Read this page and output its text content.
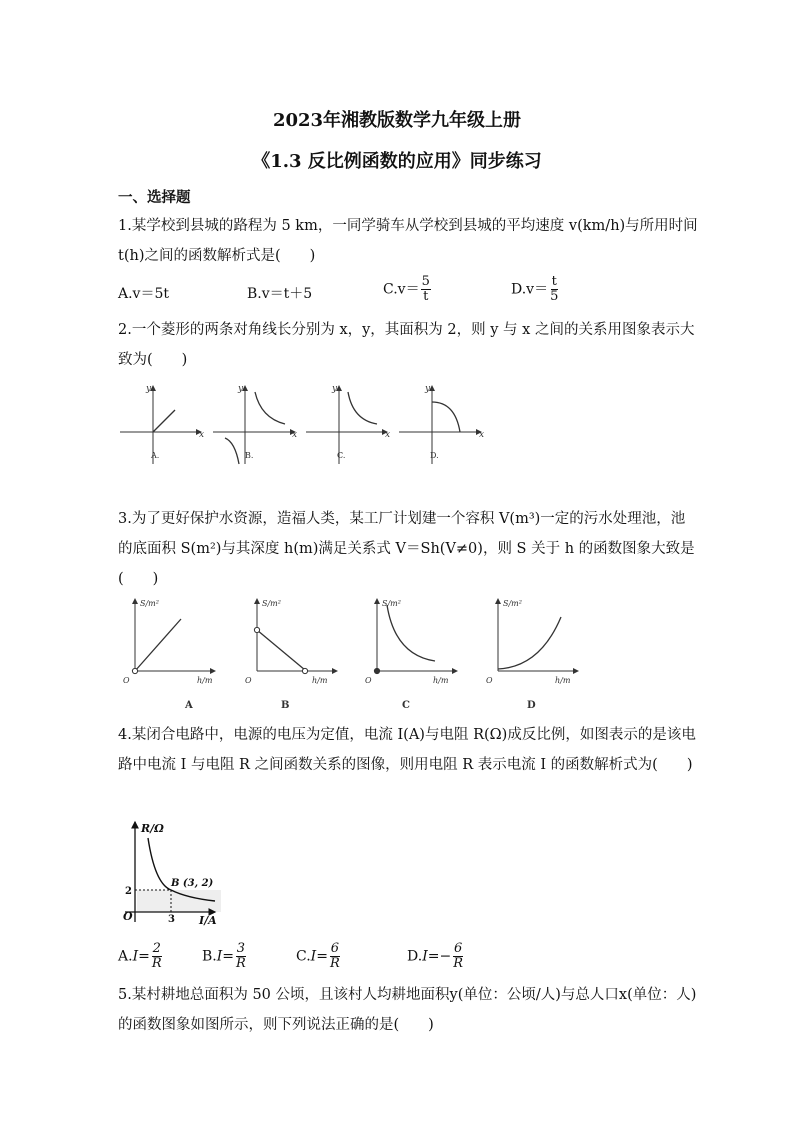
2023年湘教版数学九年级上册
《1.3 反比例函数的应用》同步练习
一、选择题
1.某学校到县城的路程为 5 km，一同学骑车从学校到县城的平均速度 v(km/h)与所用时间 t(h)之间的函数解析式是(　　)
A.v＝5t	B.v＝t＋5	$C.v= \frac{5}{t}$	$D.v= \frac{t}{5}$
2.一个菱形的两条对角线长分别为 x，y，其面积为 2，则 y 与 x 之间的关系用图象表示大致为(　　)
y
x
y
x
y
x
y
x
A.	B.	C.	D.
3.为了更好保护水资源，造福人类，某工厂计划建一个容积 V(m³)一定的污水处理池，池的底面积 S(m²)与其深度 h(m)满足关系式 V＝Sh(V≠0)，则 S 关于 h 的函数图象大致是(　　)
S/m²
h/m
O
S/m²
h/m
O
S/m²
h/m
O
S/m²
h/m
O
A	B	C	D
4.某闭合电路中，电源的电压为定值，电流 I(A)与电阻 R(Ω)成反比例，如图表示的是该电路中电流 I 与电阻 R 之间函数关系的图像，则用电阻 R 表示电流 I 的函数解析式为(　　)
R/Ω
I/A
O
B (3, 2)
2
3
$A.I= \frac{2}{R}$	$B.I= \frac{3}{R}$	$C.I= \frac{6}{R}$	$D.I=- \frac{6}{R}$
5.某村耕地总面积为 50 公顷，且该村人均耕地面积y(单位：公顷/人)与总人口x(单位：人)的函数图象如图所示，则下列说法正确的是(　　)
